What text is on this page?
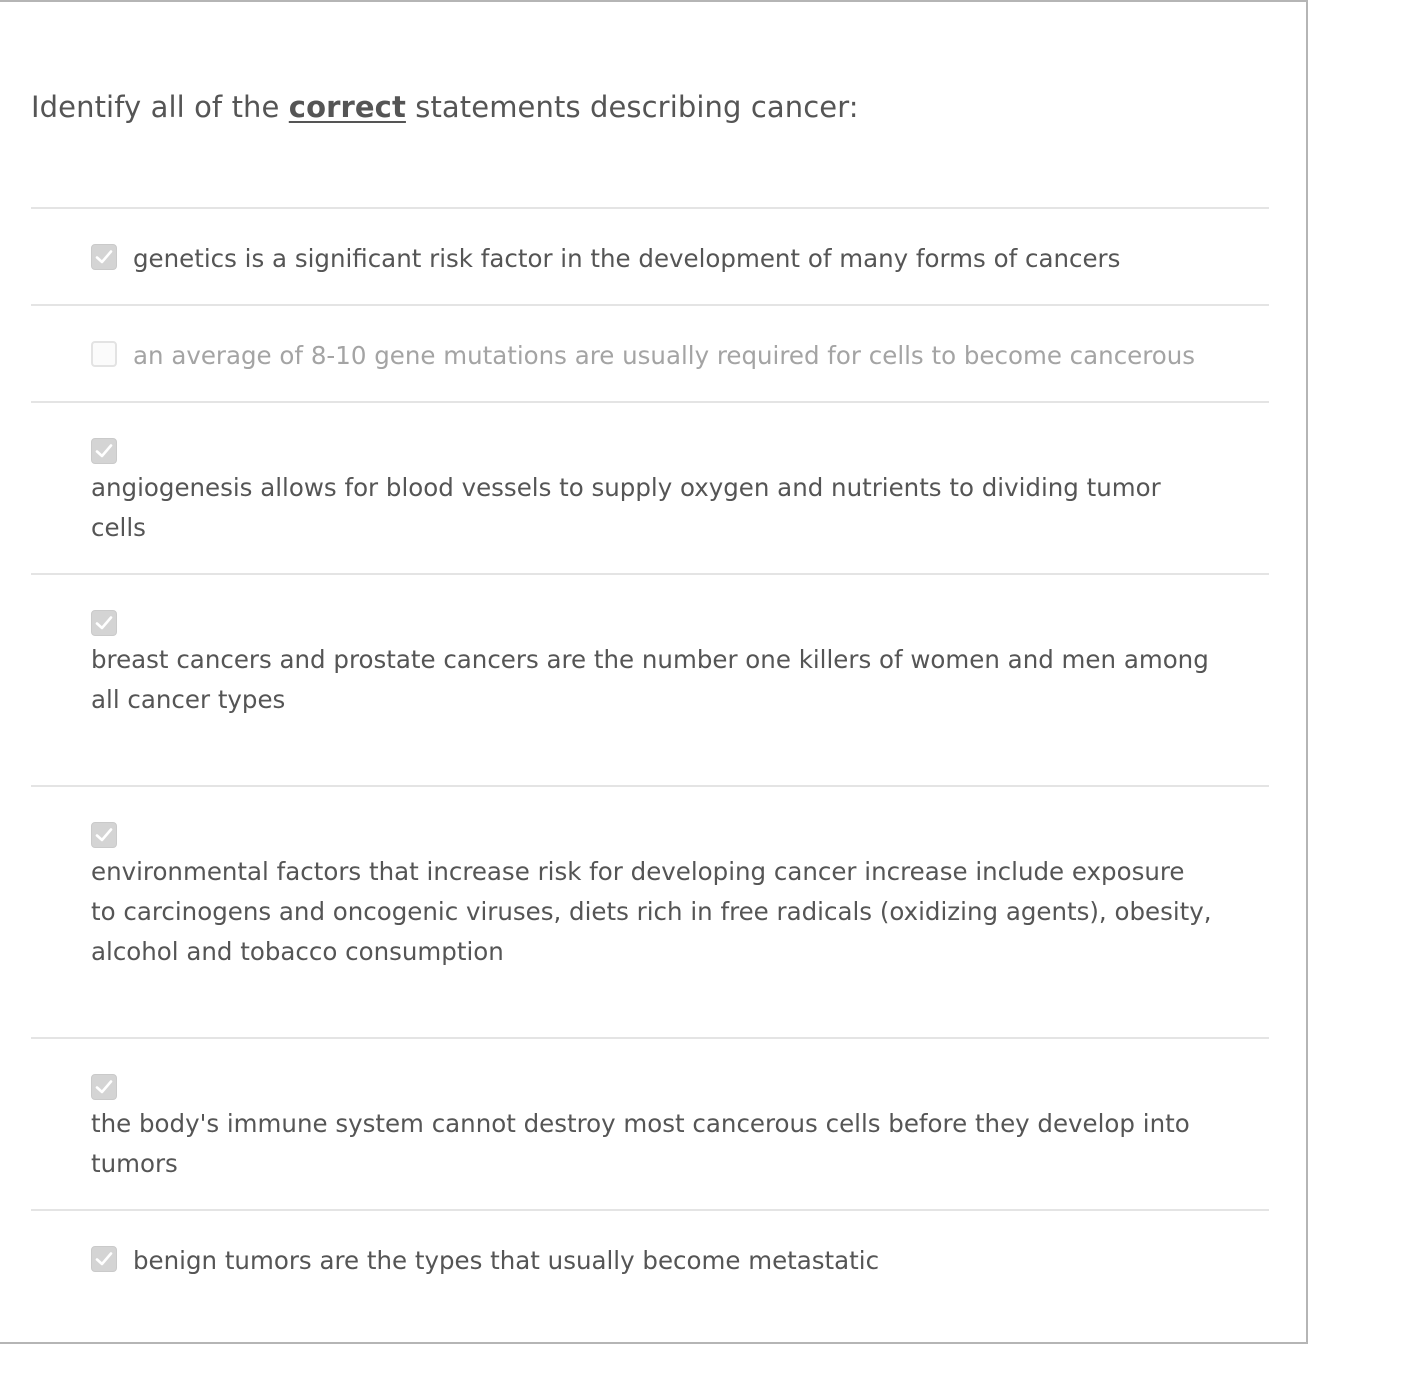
Identify all of the correct statements describing cancer:
genetics is a significant risk factor in the development of many forms of cancers
an average of 8-10 gene mutations are usually required for cells to become cancerous
angiogenesis allows for blood vessels to supply oxygen and nutrients to dividing tumor cells
breast cancers and prostate cancers are the number one killers of women and men among all cancer types
environmental factors that increase risk for developing cancer increase include exposure to carcinogens and oncogenic viruses, diets rich in free radicals (oxidizing agents), obesity, alcohol and tobacco consumption
the body's immune system cannot destroy most cancerous cells before they develop into tumors
benign tumors are the types that usually become metastatic
